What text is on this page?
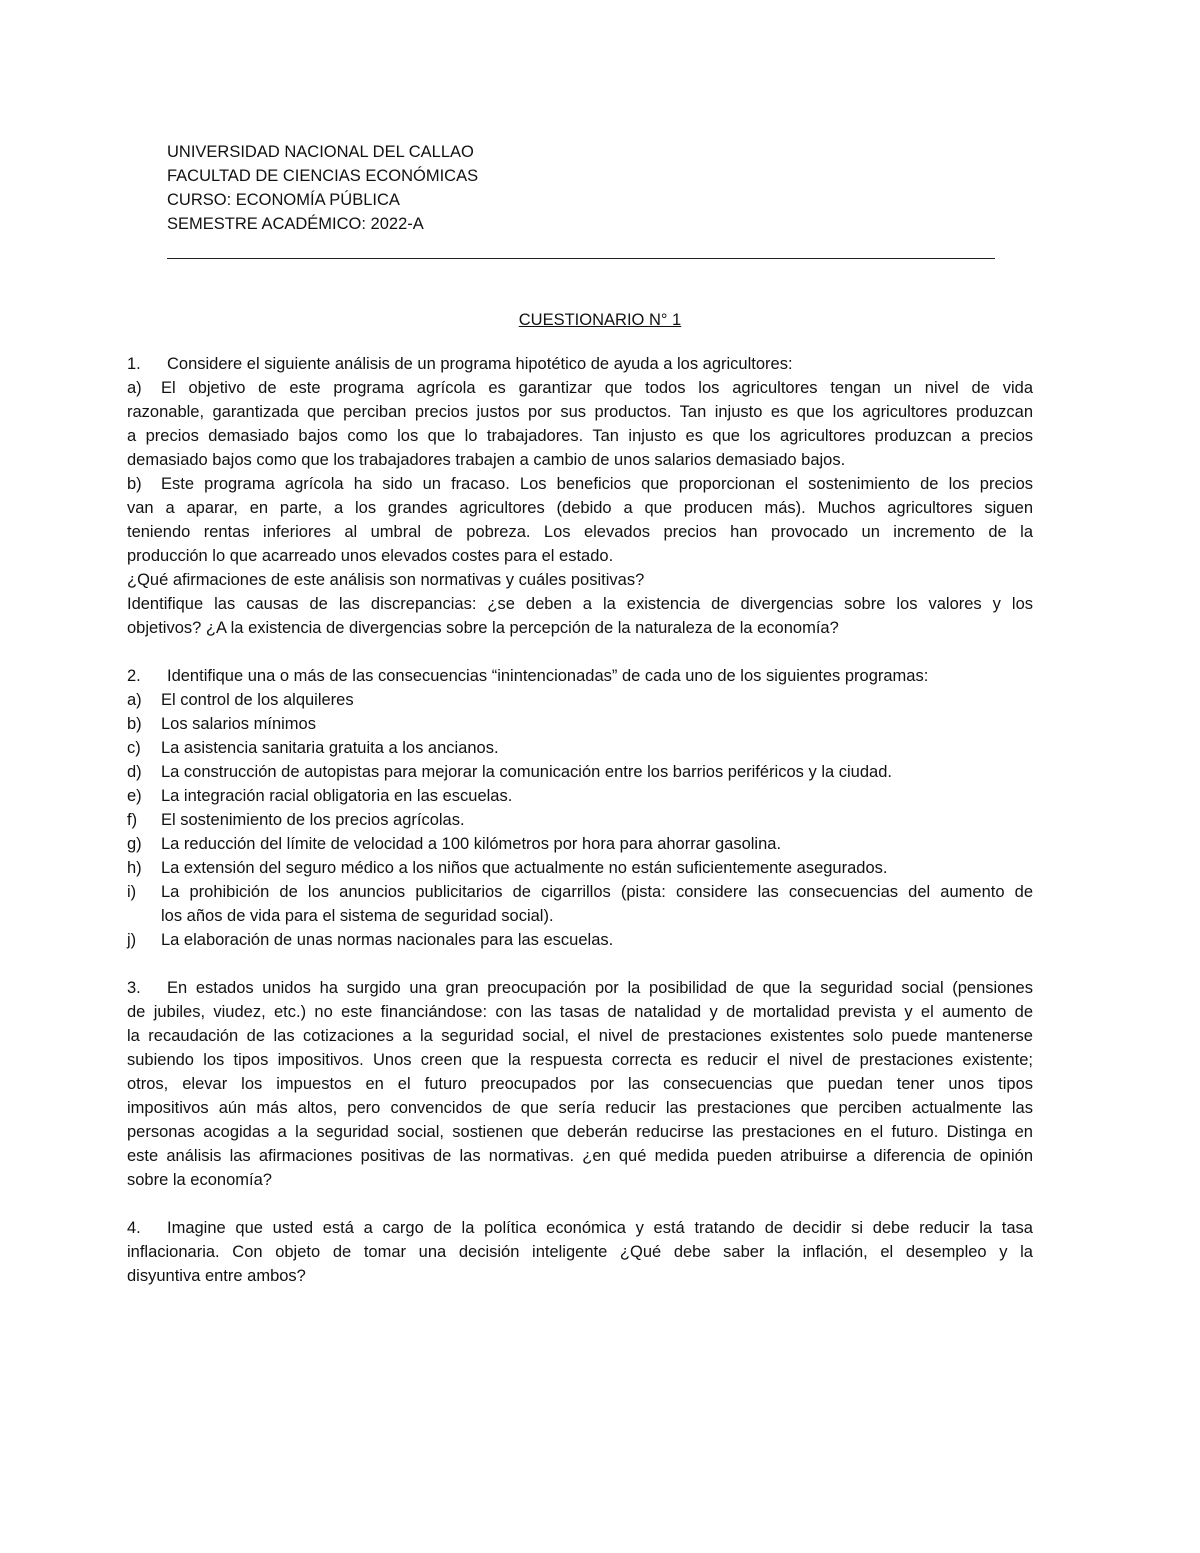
UNIVERSIDAD NACIONAL DEL CALLAO
FACULTAD DE CIENCIAS ECONÓMICAS
CURSO: ECONOMÍA PÚBLICA
SEMESTRE ACADÉMICO: 2022-A
CUESTIONARIO N° 1
1. Considere el siguiente análisis de un programa hipotético de ayuda a los agricultores:
a) El objetivo de este programa agrícola es garantizar que todos los agricultores tengan un nivel de vida
razonable, garantizada que perciban precios justos por sus productos. Tan injusto es que los agricultores produzcan
a precios demasiado bajos como los que lo trabajadores. Tan injusto es que los agricultores produzcan a precios
demasiado bajos como que los trabajadores trabajen a cambio de unos salarios demasiado bajos.
b) Este programa agrícola ha sido un fracaso. Los beneficios que proporcionan el sostenimiento de los precios
van a aparar, en parte, a los grandes agricultores (debido a que producen más). Muchos agricultores siguen
teniendo rentas inferiores al umbral de pobreza. Los elevados precios han provocado un incremento de la
producción lo que acarreado unos elevados costes para el estado.
¿Qué afirmaciones de este análisis son normativas y cuáles positivas?
Identifique las causas de las discrepancias: ¿se deben a la existencia de divergencias sobre los valores y los
objetivos? ¿A la existencia de divergencias sobre la percepción de la naturaleza de la economía?
2. Identifique una o más de las consecuencias “inintencionadas” de cada uno de los siguientes programas:
a)	El control de los alquileres
b)	Los salarios mínimos
c)	La asistencia sanitaria gratuita a los ancianos.
d)	La construcción de autopistas para mejorar la comunicación entre los barrios periféricos y la ciudad.
e)	La integración racial obligatoria en las escuelas.
f)	El sostenimiento de los precios agrícolas.
g)	La reducción del límite de velocidad a 100 kilómetros por hora para ahorrar gasolina.
h)	La extensión del seguro médico a los niños que actualmente no están suficientemente asegurados.
i)	La prohibición de los anuncios publicitarios de cigarrillos (pista: considere las consecuencias del aumento de
los años de vida para el sistema de seguridad social).
j)	La elaboración de unas normas nacionales para las escuelas.
3. En estados unidos ha surgido una gran preocupación por la posibilidad de que la seguridad social (pensiones
de jubiles, viudez, etc.) no este financiándose: con las tasas de natalidad y de mortalidad prevista y el aumento de
la recaudación de las cotizaciones a la seguridad social, el nivel de prestaciones existentes solo puede mantenerse
subiendo los tipos impositivos. Unos creen que la respuesta correcta es reducir el nivel de prestaciones existente;
otros, elevar los impuestos en el futuro preocupados por las consecuencias que puedan tener unos tipos
impositivos aún más altos, pero convencidos de que sería reducir las prestaciones que perciben actualmente las
personas acogidas a la seguridad social, sostienen que deberán reducirse las prestaciones en el futuro. Distinga en
este análisis las afirmaciones positivas de las normativas. ¿en qué medida pueden atribuirse a diferencia de opinión
sobre la economía?
4. Imagine que usted está a cargo de la política económica y está tratando de decidir si debe reducir la tasa
inflacionaria. Con objeto de tomar una decisión inteligente ¿Qué debe saber la inflación, el desempleo y la
disyuntiva entre ambos?
